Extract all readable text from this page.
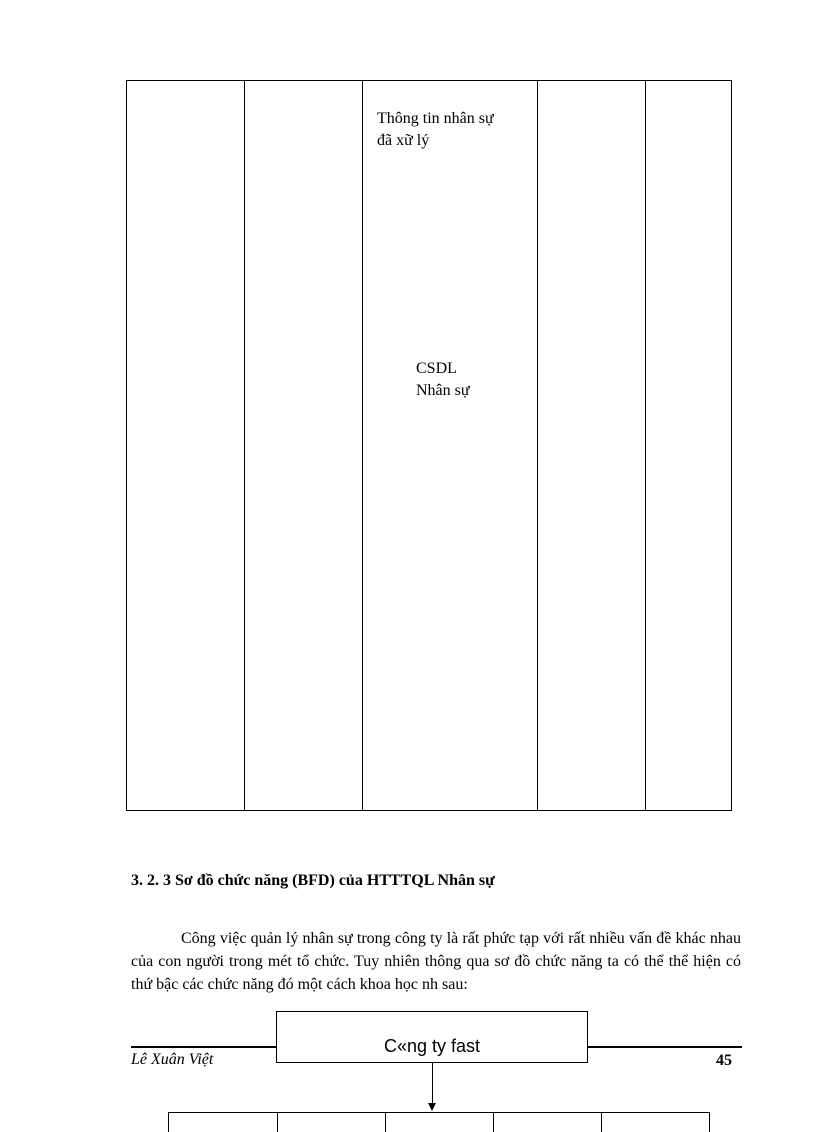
Thông tin nhân sự
đã xữ lý
CSDL
Nhân sự
3. 2. 3 Sơ đồ chức năng (BFD) của HTTTQL Nhân sự
Công việc quản lý nhân sự trong công ty là rất phức tạp với rất nhiều vấn đề khác nhau của con người trong mét tổ chức. Tuy nhiên thông qua sơ đồ chức năng ta có thể thể hiện có thứ bậc các chức năng đó một cách khoa học nh sau:
Lê Xuân Việt	45
C«ng ty fast
